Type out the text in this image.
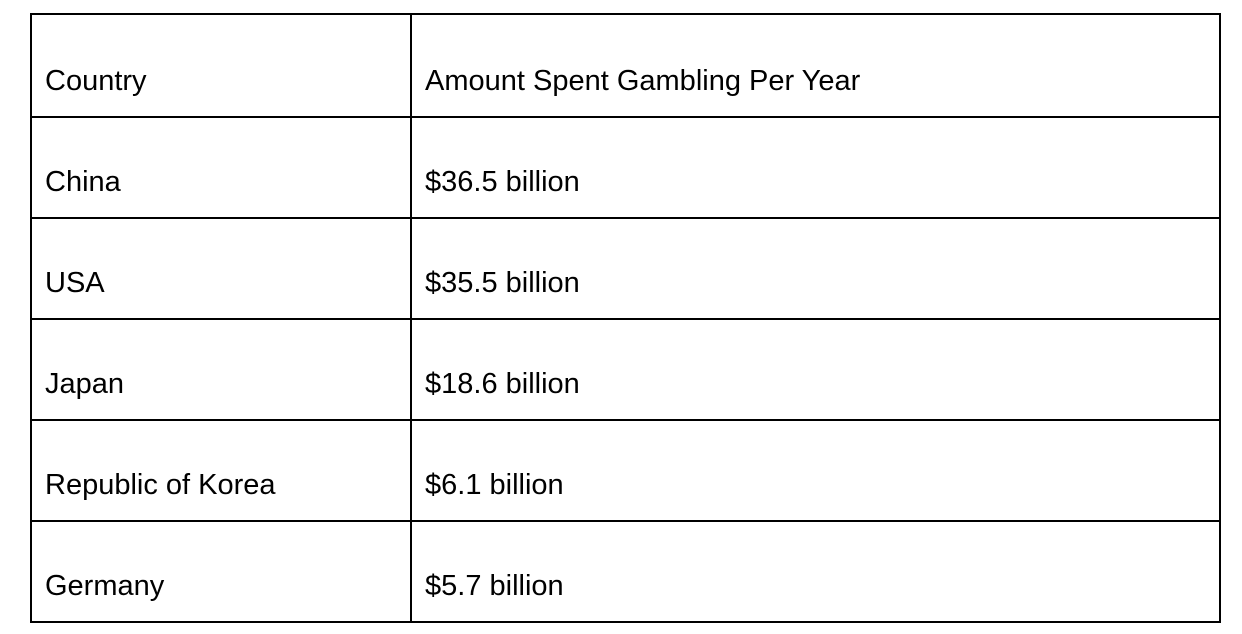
Country	Amount Spent Gambling Per Year
China	$36.5 billion
USA	$35.5 billion
Japan	$18.6 billion
Republic of Korea	$6.1 billion
Germany	$5.7 billion
